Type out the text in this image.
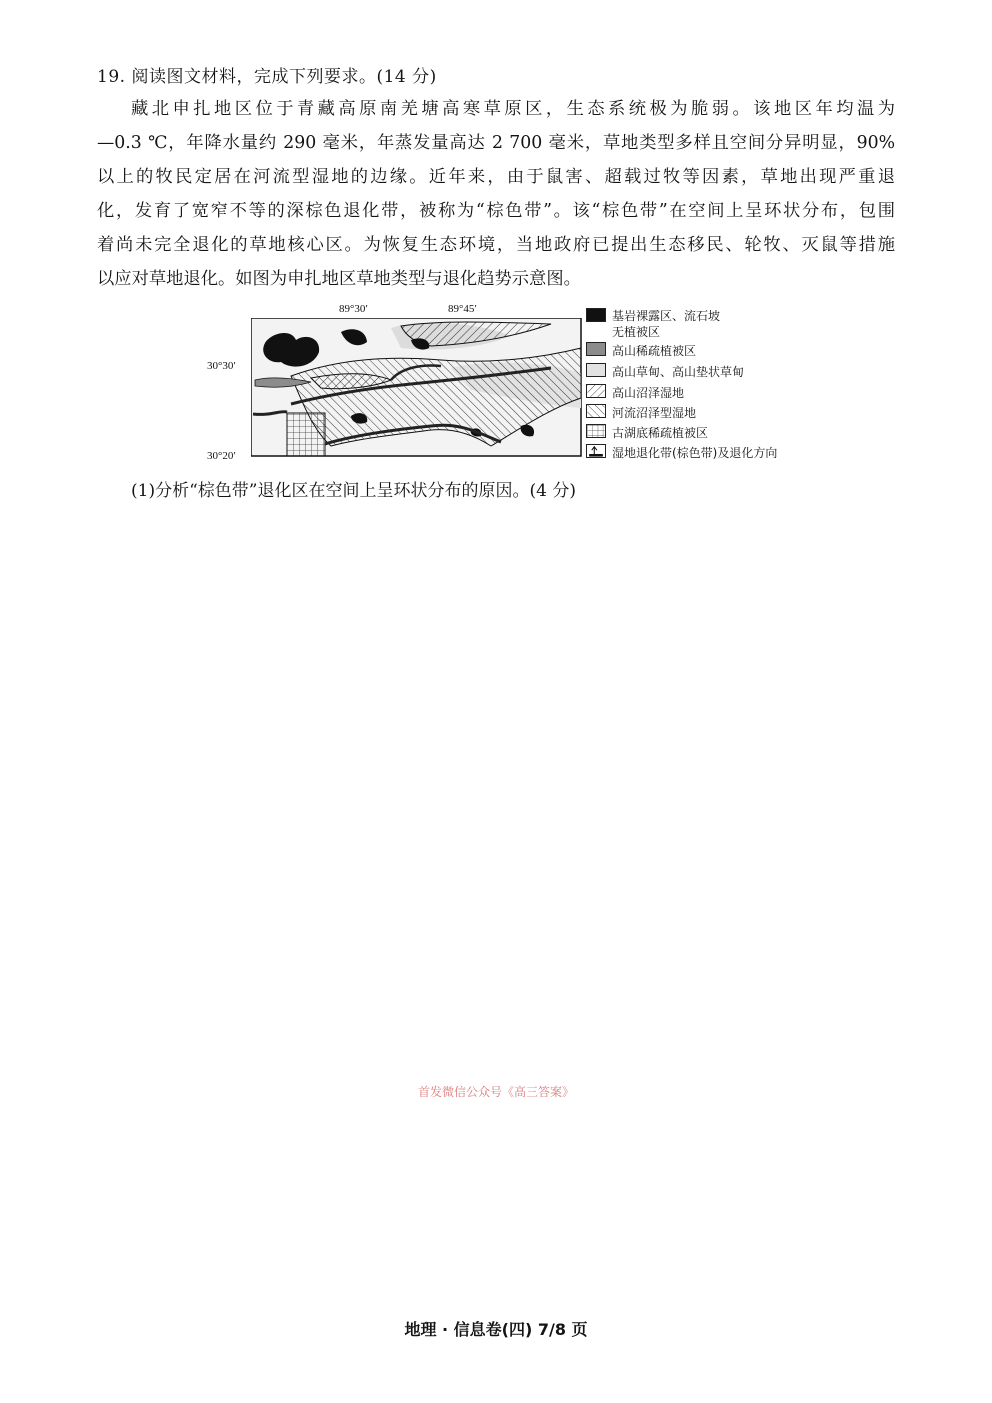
19. 阅读图文材料，完成下列要求。(14 分)
藏北申扎地区位于青藏高原南羌塘高寒草原区，生态系统极为脆弱。该地区年均温为
—0.3 ℃，年降水量约 290 毫米，年蒸发量高达 2 700 毫米，草地类型多样且空间分异明显，90%
以上的牧民定居在河流型湿地的边缘。近年来，由于鼠害、超载过牧等因素，草地出现严重退
化，发育了宽窄不等的深棕色退化带，被称为“棕色带”。该“棕色带”在空间上呈环状分布，包围
着尚未完全退化的草地核心区。为恢复生态环境，当地政府已提出生态移民、轮牧、灭鼠等措施
以应对草地退化。如图为申扎地区草地类型与退化趋势示意图。
89°30′	89°45′
30°30′
30°20′
基岩裸露区、流石坡
无植被区
高山稀疏植被区
高山草甸、高山垫状草甸
高山沼泽湿地
河流沼泽型湿地
古湖底稀疏植被区
湿地退化带(棕色带)及退化方向
(1)分析“棕色带”退化区在空间上呈环状分布的原因。(4 分)
首发微信公众号《高三答案》
地理 · 信息卷(四) 7/8 页
